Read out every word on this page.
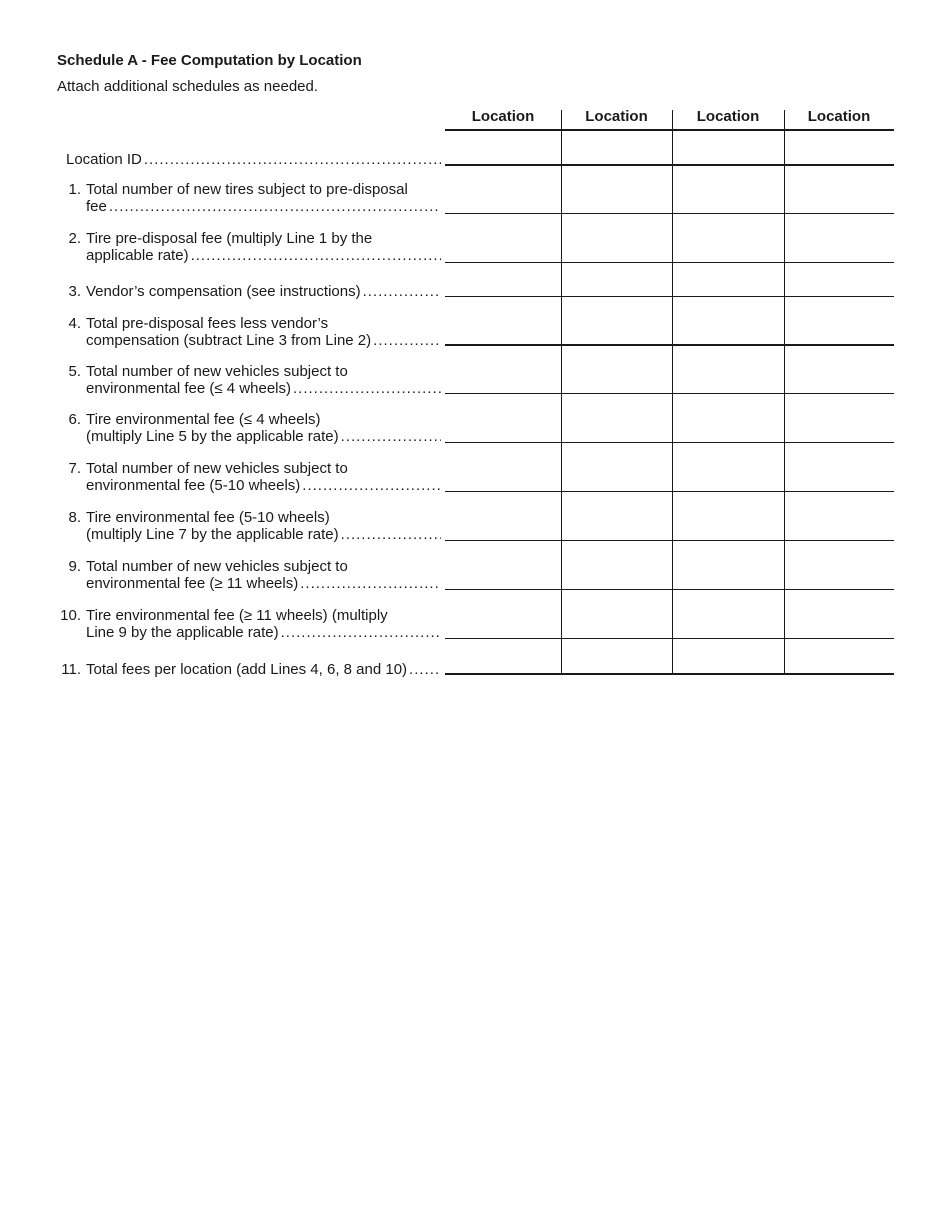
Schedule A - Fee Computation by Location
Attach additional schedules as needed.
Location	Location	Location	Location
Location ID
.....
1. Total number of new tires subject to pre-disposal
fee
.....
2. Tire pre-disposal fee (multiply Line 1 by the
applicable rate)
.....
3. Vendor’s compensation (see instructions)
.....
4. Total pre-disposal fees less vendor’s
compensation (subtract Line 3 from Line 2)
.....
5. Total number of new vehicles subject to
environmental fee (≤ 4 wheels)
.....
6. Tire environmental fee (≤ 4 wheels)
(multiply Line 5 by the applicable rate)
.....
7. Total number of new vehicles subject to
environmental fee (5-10 wheels)
.....
8. Tire environmental fee (5-10 wheels)
(multiply Line 7 by the applicable rate)
.....
9. Total number of new vehicles subject to
environmental fee (≥ 11 wheels)
.....
10. Tire environmental fee (≥ 11 wheels) (multiply
Line 9 by the applicable rate)
.....
11. Total fees per location (add Lines 4, 6, 8 and 10)
.....
